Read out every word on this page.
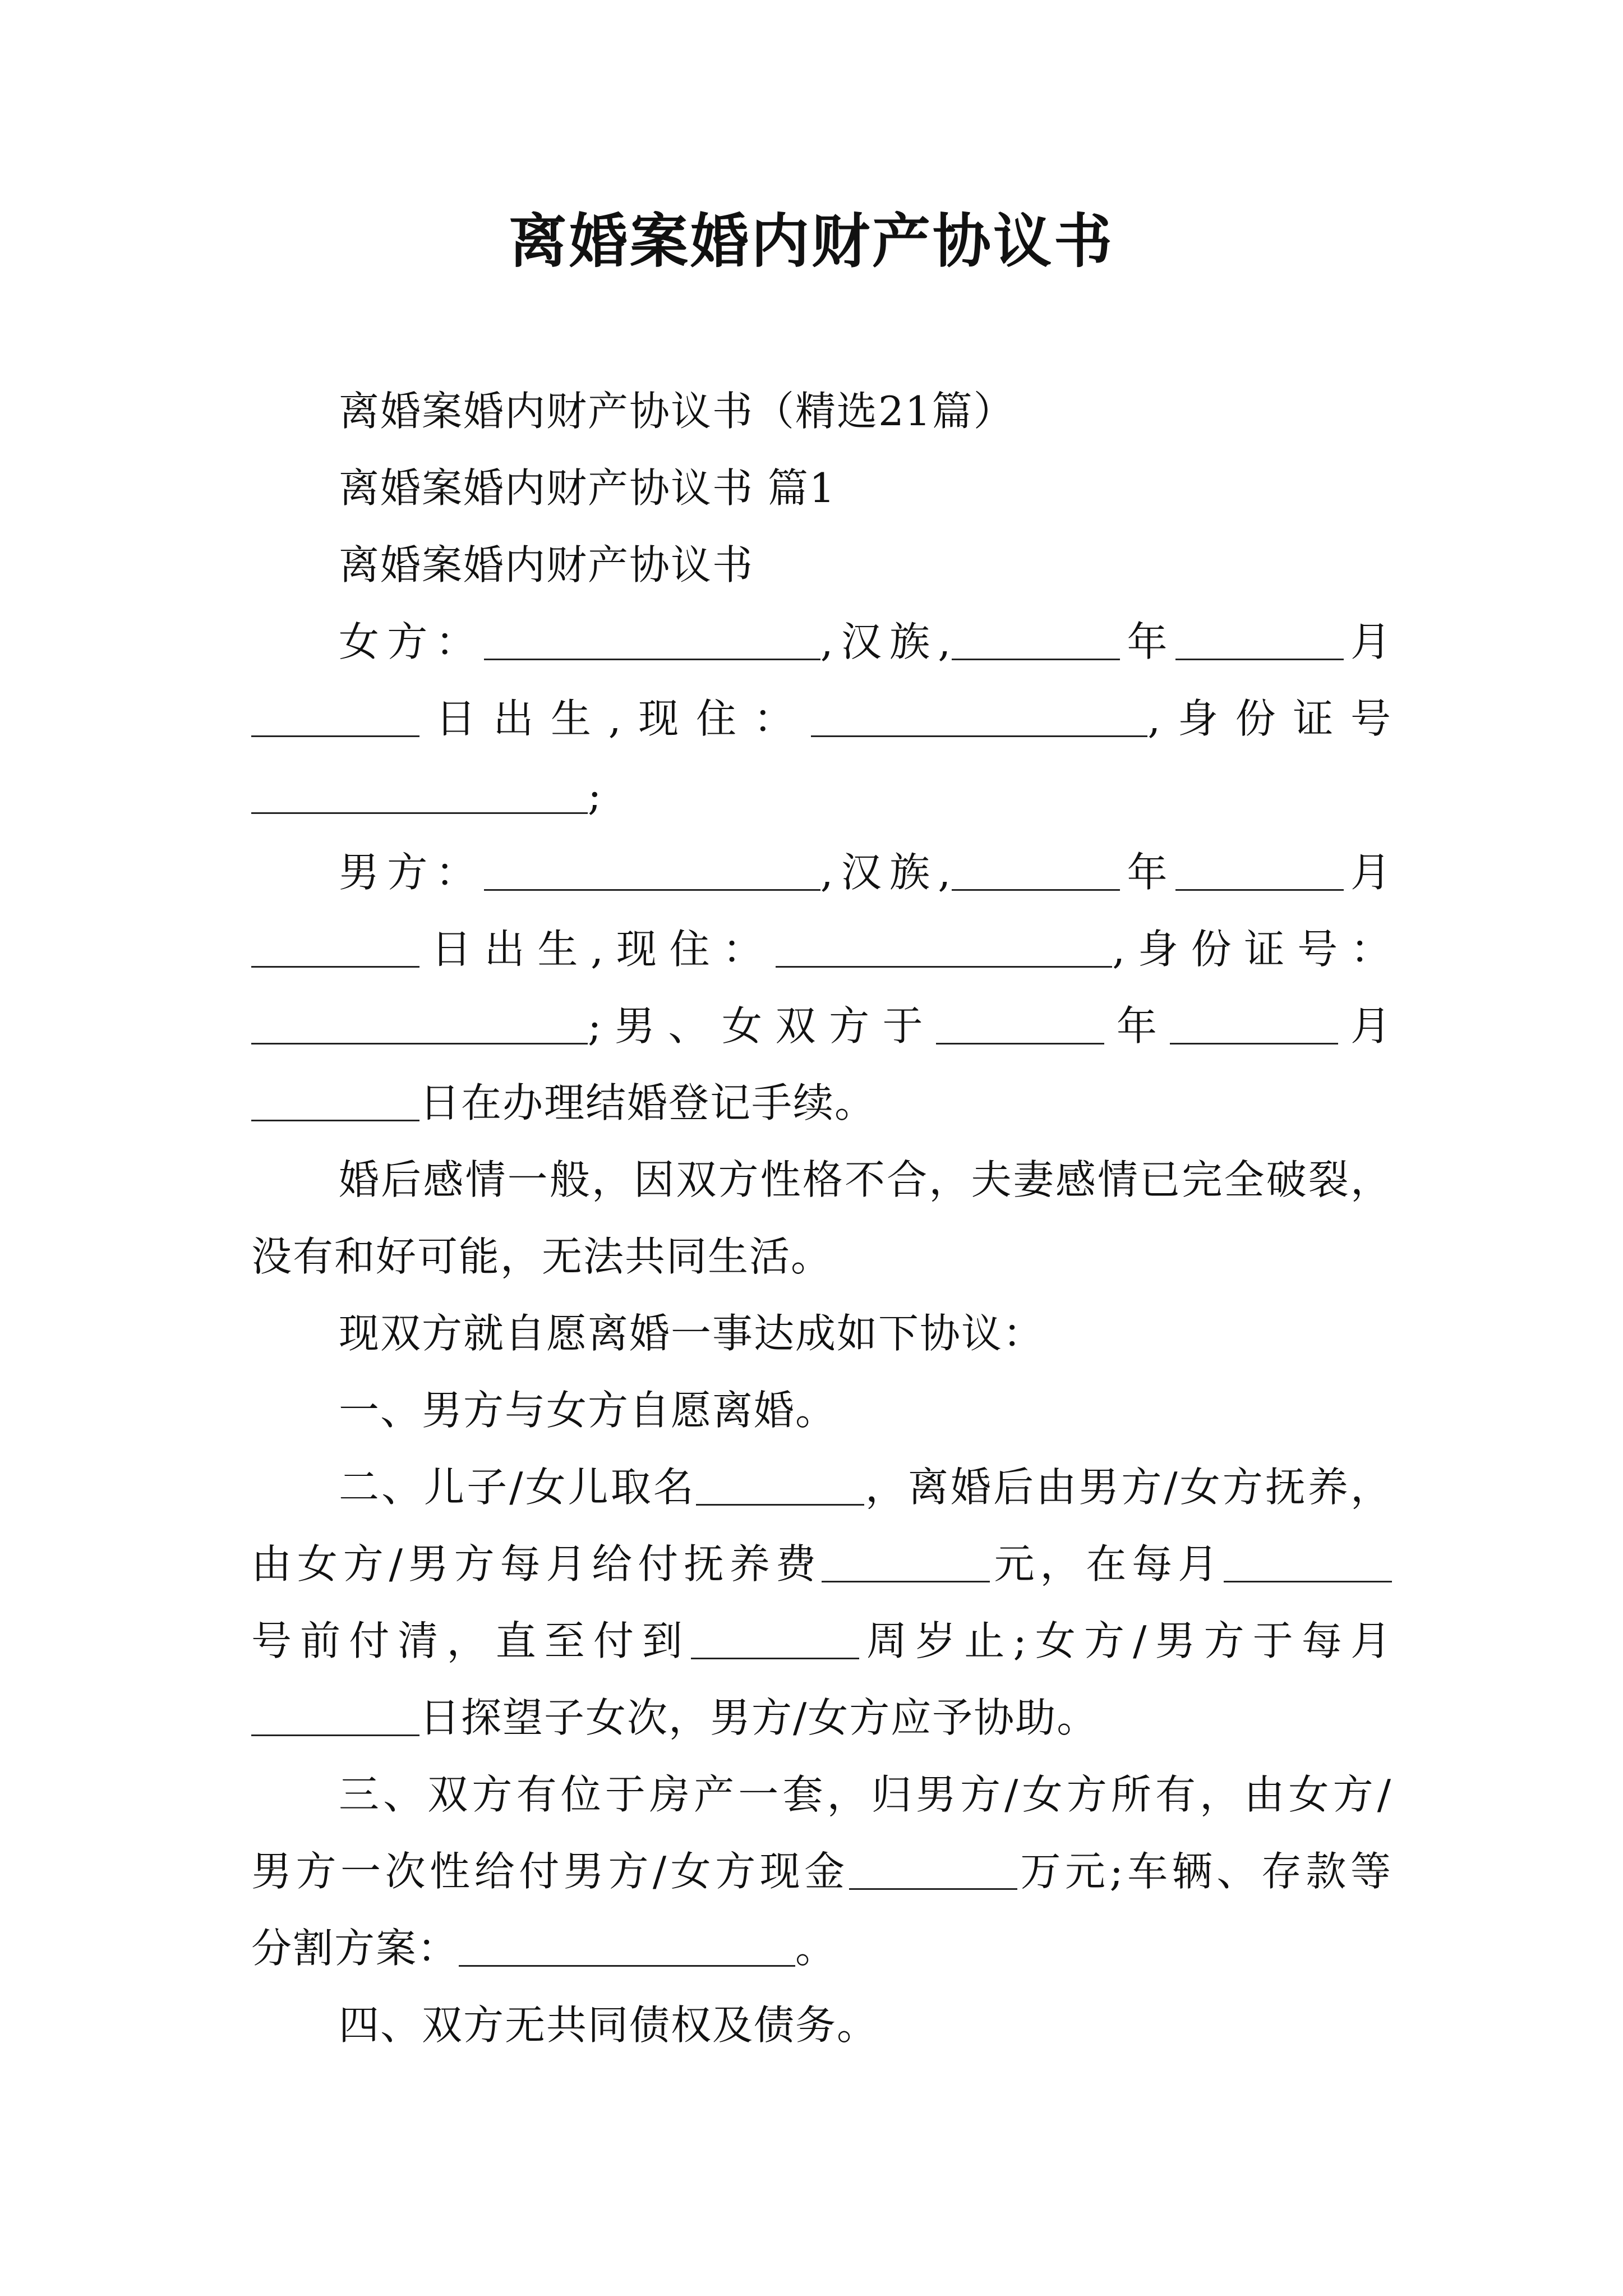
离婚案婚内财产协议书

离婚案婚内财产协议书（精选21篇）

离婚案婚内财产协议书 篇1

离婚案婚内财产协议书

女方：	,汉族,	年	月
日出生,现住：	,身份证号
;
男方：	,汉族,	年	月
日出生,现住：	,身份证号：
;男、女双方于	年	月
日在办理结婚登记手续。

婚后感情一般，因双方性格不合，夫妻感情已完全破裂，没有和好可能，无法共同生活。

现双方就自愿离婚一事达成如下协议：

一、男方与女方自愿离婚。

二、儿子/女儿取名	，离婚后由男方/女方抚养，
由女方/男方每月给付抚养费	元，在每月
号前付清，直至付到	周岁止;女方/男方于每月
日探望子女次，男方/女方应予协助。
三、双方有位于房产一套，归男方/女方所有，由女方/
男方一次性给付男方/女方现金	万元;车辆、存款等
分割方案：	。

四、双方无共同债权及债务。
